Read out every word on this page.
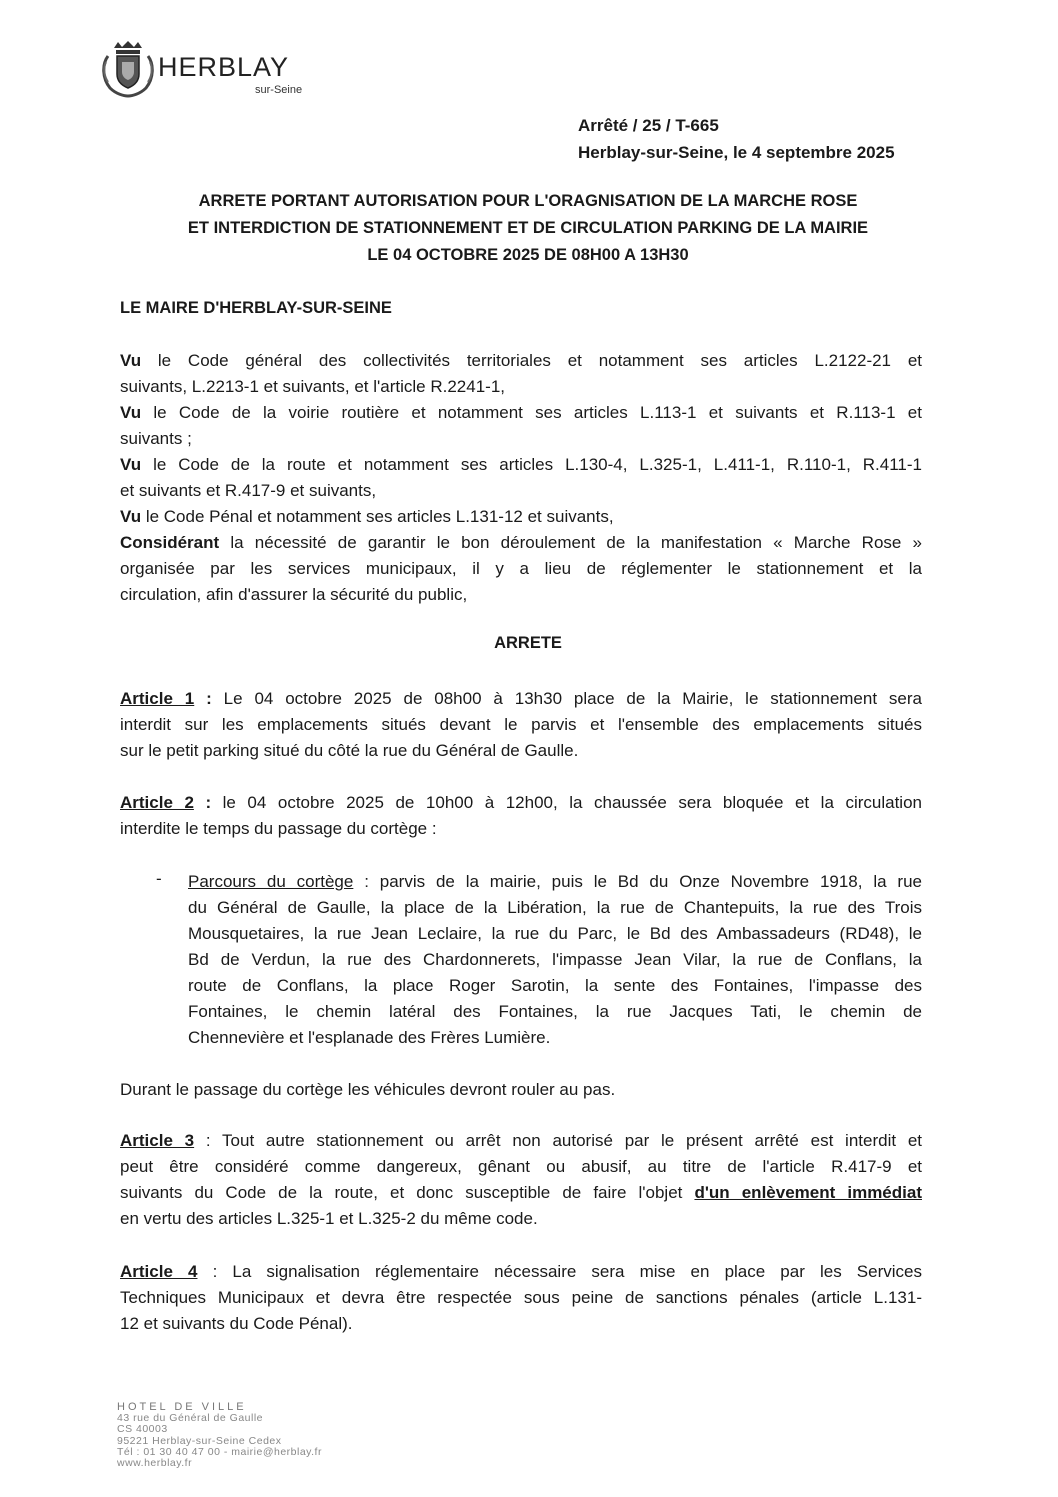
HERBLAY
sur-Seine
Arrêté / 25 / T-665
Herblay-sur-Seine, le 4 septembre 2025
ARRETE PORTANT AUTORISATION POUR L'ORAGNISATION DE LA MARCHE ROSE
ET INTERDICTION DE STATIONNEMENT ET DE CIRCULATION PARKING DE LA MAIRIE
LE 04 OCTOBRE 2025 DE 08H00 A 13H30
LE MAIRE D'HERBLAY-SUR-SEINE
Vu le Code général des collectivités territoriales et notamment ses articles L.2122-21 et
suivants, L.2213-1 et suivants, et l'article R.2241-1,
Vu le Code de la voirie routière et notamment ses articles L.113-1 et suivants et R.113-1 et
suivants ;
Vu le Code de la route et notamment ses articles L.130-4, L.325-1, L.411-1, R.110-1, R.411-1
et suivants et R.417-9 et suivants,
Vu le Code Pénal et notamment ses articles L.131-12 et suivants,
Considérant la nécessité de garantir le bon déroulement de la manifestation « Marche Rose »
organisée par les services municipaux, il y a lieu de réglementer le stationnement et la
circulation, afin d'assurer la sécurité du public,
ARRETE
Article 1 : Le 04 octobre 2025 de 08h00 à 13h30 place de la Mairie, le stationnement sera
interdit sur les emplacements situés devant le parvis et l'ensemble des emplacements situés
sur le petit parking situé du côté la rue du Général de Gaulle.
Article 2 : le 04 octobre 2025 de 10h00 à 12h00, la chaussée sera bloquée et la circulation
interdite le temps du passage du cortège :
- Parcours du cortège : parvis de la mairie, puis le Bd du Onze Novembre 1918, la rue
du Général de Gaulle, la place de la Libération, la rue de Chantepuits, la rue des Trois
Mousquetaires, la rue Jean Leclaire, la rue du Parc, le Bd des Ambassadeurs (RD48), le
Bd de Verdun, la rue des Chardonnerets, l'impasse Jean Vilar, la rue de Conflans, la
route de Conflans, la place Roger Sarotin, la sente des Fontaines, l'impasse des
Fontaines, le chemin latéral des Fontaines, la rue Jacques Tati, le chemin de
Chennevière et l'esplanade des Frères Lumière.
Durant le passage du cortège les véhicules devront rouler au pas.
Article 3 : Tout autre stationnement ou arrêt non autorisé par le présent arrêté est interdit et
peut être considéré comme dangereux, gênant ou abusif, au titre de l'article R.417-9 et
suivants du Code de la route, et donc susceptible de faire l'objet d'un enlèvement immédiat
en vertu des articles L.325-1 et L.325-2 du même code.
Article 4 : La signalisation réglementaire nécessaire sera mise en place par les Services
Techniques Municipaux et devra être respectée sous peine de sanctions pénales (article L.131-
12 et suivants du Code Pénal).
HOTEL DE VILLE
43 rue du Général de Gaulle
CS 40003
95221 Herblay-sur-Seine Cedex
Tél : 01 30 40 47 00 - mairie@herblay.fr
www.herblay.fr
